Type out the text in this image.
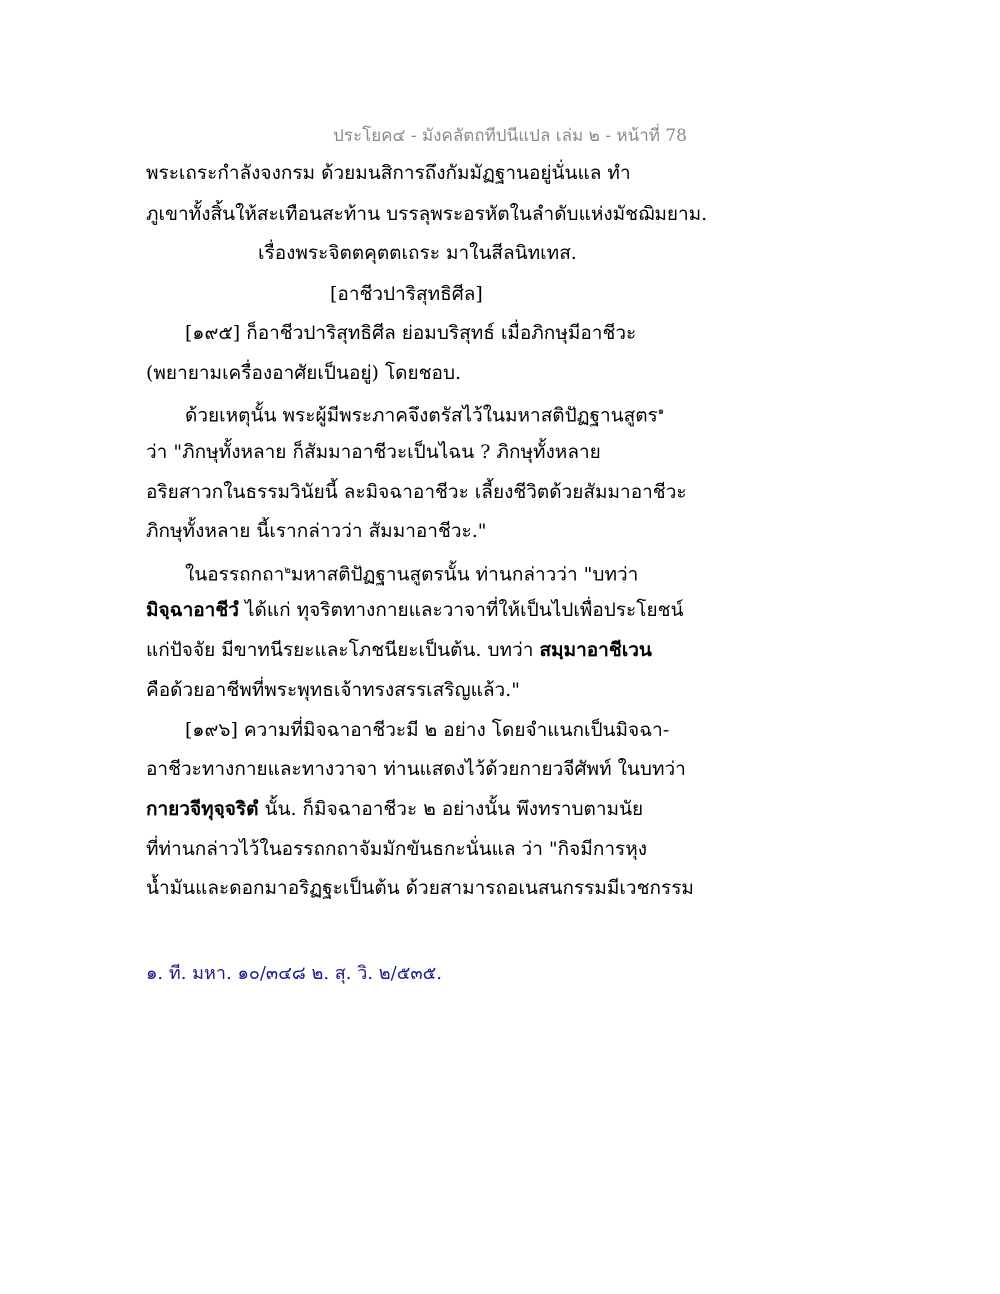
ประโยค๔ - มังคลัตถทีปนีแปล เล่ม ๒ - หน้าที่ 78
พระเถระกำลังจงกรม ด้วยมนสิการถึงกัมมัฏฐานอยู่นั่นแล ทำ
ภูเขาทั้งสิ้นให้สะเทือนสะท้าน บรรลุพระอรหัตในลำดับแห่งมัชฌิมยาม.
เรื่องพระจิตตคุตตเถระ มาในสีลนิทเทส.
[อาชีวปาริสุทธิศีล]
[๑๙๕] ก็อาชีวปาริสุทธิศีล ย่อมบริสุทธ์ เมื่อภิกษุมีอาชีวะ
(พยายามเครื่องอาศัยเป็นอยู่) โดยชอบ.
ด้วยเหตุนั้น พระผู้มีพระภาคจึงตรัสไว้ในมหาสติปัฏฐานสูตร$^๑$
ว่า "ภิกษุทั้งหลาย ก็สัมมาอาชีวะเป็นไฉน ? ภิกษุทั้งหลาย
อริยสาวกในธรรมวินัยนี้ ละมิจฉาอาชีวะ เลี้ยงชีวิตด้วยสัมมาอาชีวะ
ภิกษุทั้งหลาย นี้เรากล่าวว่า สัมมาอาชีวะ."
ในอรรถกถา$^๒$มหาสติปัฏฐานสูตรนั้น ท่านกล่าวว่า "บทว่า
มิจฺฉาอาชีวํ ได้แก่ ทุจริตทางกายและวาจาที่ให้เป็นไปเพื่อประโยชน์
แก่ปัจจัย มีขาทนีรยะและโภชนียะเป็นต้น. บทว่า สมฺมาอาชีเวน
คือด้วยอาชีพที่พระพุทธเจ้าทรงสรรเสริญแล้ว."
[๑๙๖] ความที่มิจฉาอาชีวะมี ๒ อย่าง โดยจำแนกเป็นมิจฉา-
อาชีวะทางกายและทางวาจา ท่านแสดงไว้ด้วยกายวจีศัพท์ ในบทว่า
กายวจีทุจฺจริตํ นั้น. ก็มิจฉาอาชีวะ ๒ อย่างนั้น พึงทราบตามนัย
ที่ท่านกล่าวไว้ในอรรถกถาจัมมักขันธกะนั่นแล ว่า "กิจมีการหุง
น้ำมันและดอกมาอริฏฐะเป็นต้น ด้วยสามารถอเนสนกรรมมีเวชกรรม
๑. ที. มหา. ๑๐/๓๔๘ ๒. สุ. วิ. ๒/๕๓๕.
